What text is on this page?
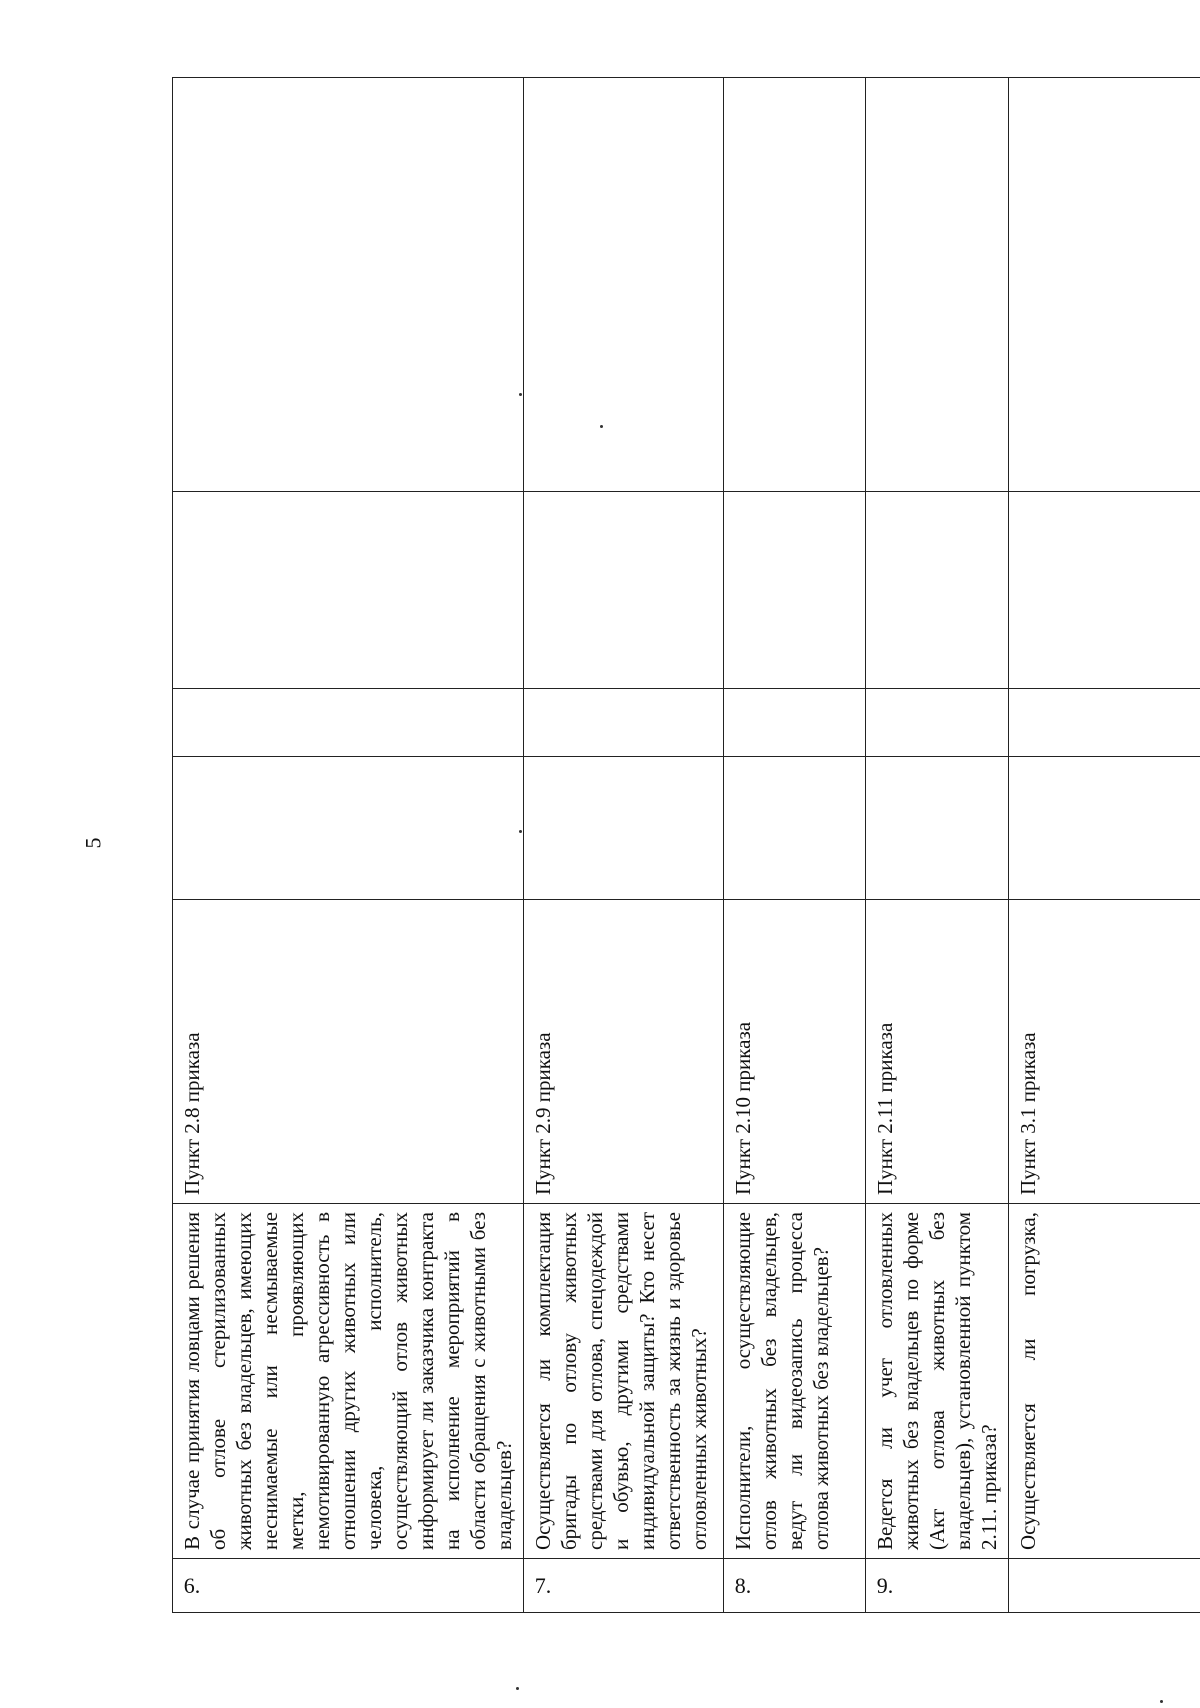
5
6.	В случае принятия ловцами решения об отлове стерилизованных животных без владельцев, имеющих неснимаемые или несмываемые метки, проявляющих немотивированную агрессивность в отношении других животных или человека, исполнитель, осуществляющий отлов животных информирует ли заказчика контракта на исполнение мероприятий в области обращения с животными без владельцев?	Пункт 2.8 приказа				
7.	Осуществляется ли комплектация бригады по отлову животных средствами для отлова, спецодеждой и обувью, другими средствами индивидуальной защиты? Кто несет ответственность за жизнь и здоровье отловленных животных?	Пункт 2.9 приказа				
8.	Исполнители, осуществляющие отлов животных без владельцев, ведут ли видеозапись процесса отлова животных без владельцев?	Пункт 2.10 приказа				
9.	Ведется ли учет отловленных животных без владельцев по форме (Акт отлова животных без владельцев), установленной пунктом 2.11. приказа?	Пункт 2.11 приказа				
	Осуществляется ли погрузка,	Пункт 3.1 приказа				
